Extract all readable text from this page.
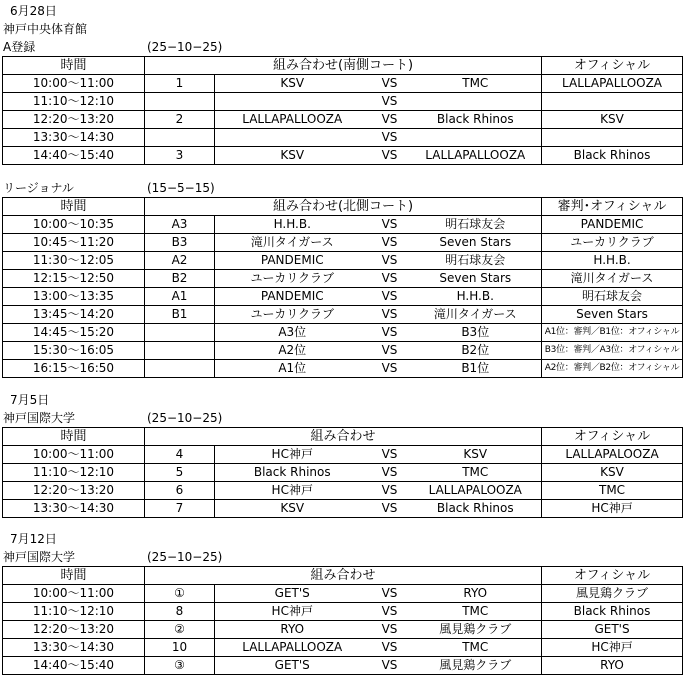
6月28日
神戸中央体育館
A登録	(25−10−25)
時間	組み合わせ(南側コート)				オフィシャル
10:00～11:00	1	KSV	VS	TMC	LALLAPALLOOZA
11:10～12:10			VS		
12:20～13:20	2	LALLAPALLOOZA	VS	Black Rhinos	KSV
13:30～14:30			VS		
14:40～15:40	3	KSV	VS	LALLAPALLOOZA	Black Rhinos
リージョナル	(15−5−15)
時間	組み合わせ(北側コート)				審判･オフィシャル
10:00～10:35	A3	H.H.B.	VS	明石球友会	PANDEMIC
10:45～11:20	B3	滝川タイガース	VS	Seven Stars	ユーカリクラブ
11:30～12:05	A2	PANDEMIC	VS	明石球友会	H.H.B.
12:15～12:50	B2	ユーカリクラブ	VS	Seven Stars	滝川タイガース
13:00～13:35	A1	PANDEMIC	VS	H.H.B.	明石球友会
13:45～14:20	B1	ユーカリクラブ	VS	滝川タイガース	Seven Stars
14:45～15:20		A3位	VS	B3位	A1位：審判／B1位：オフィシャル
15:30～16:05		A2位	VS	B2位	B3位：審判／A3位：オフィシャル
16:15～16:50		A1位	VS	B1位	A2位：審判／B2位：オフィシャル
7月5日
神戸国際大学	(25−10−25)
時間	組み合わせ				オフィシャル
10:00～11:00	4	HC神戸	VS	KSV	LALLAPALOOZA
11:10～12:10	5	Black Rhinos	VS	TMC	KSV
12:20～13:20	6	HC神戸	VS	LALLAPALOOZA	TMC
13:30～14:30	7	KSV	VS	Black Rhinos	HC神戸
7月12日
神戸国際大学	(25−10−25)
時間	組み合わせ				オフィシャル
10:00～11:00	①	GET'S	VS	RYO	風見鶏クラブ
11:10～12:10	8	HC神戸	VS	TMC	Black Rhinos
12:20～13:20	②	RYO	VS	風見鶏クラブ	GET'S
13:30～14:30	10	LALLAPALLOOZA	VS	TMC	HC神戸
14:40～15:40	③	GET'S	VS	風見鶏クラブ	RYO
